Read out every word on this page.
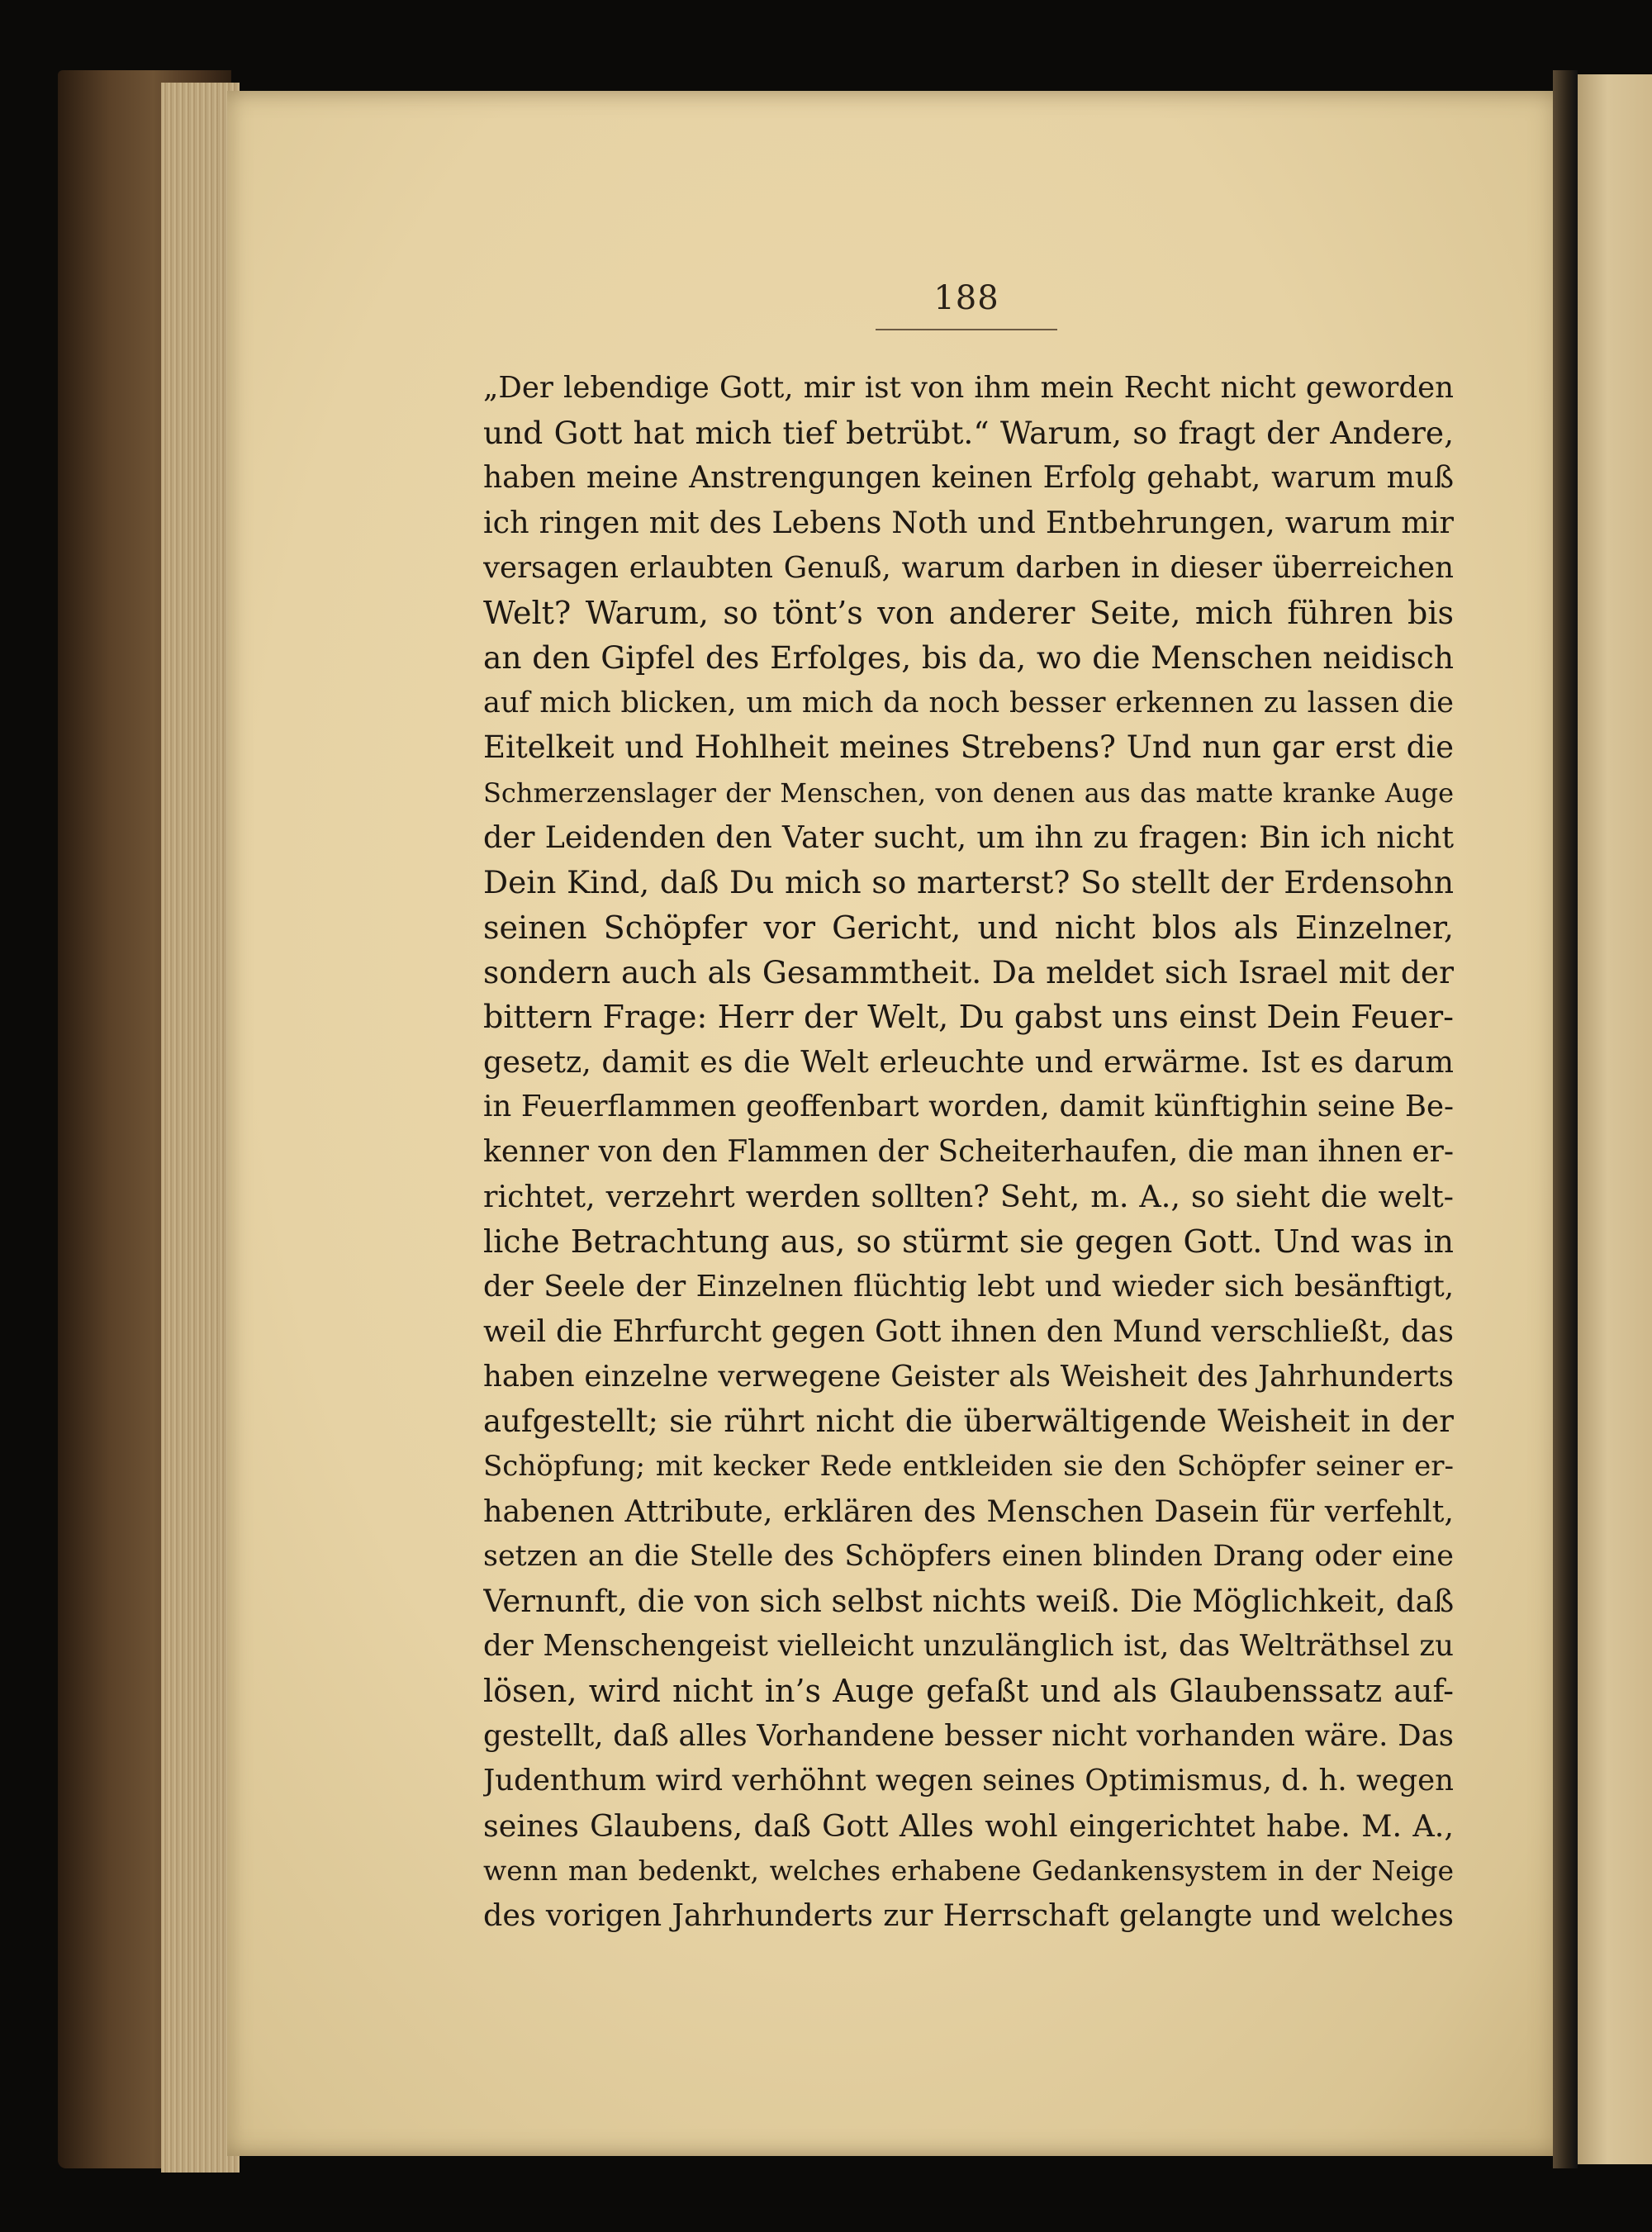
188
„Der lebendige Gott, mir ist von ihm mein Recht nicht geworden
und Gott hat mich tief betrübt.“ Warum, so fragt der Andere,
haben meine Anstrengungen keinen Erfolg gehabt, warum muß
ich ringen mit des Lebens Noth und Entbehrungen, warum mir
versagen erlaubten Genuß, warum darben in dieser überreichen
Welt? Warum, so tönt’s von anderer Seite, mich führen bis
an den Gipfel des Erfolges, bis da, wo die Menschen neidisch
auf mich blicken, um mich da noch besser erkennen zu lassen die
Eitelkeit und Hohlheit meines Strebens? Und nun gar erst die
Schmerzenslager der Menschen, von denen aus das matte kranke Auge
der Leidenden den Vater sucht, um ihn zu fragen: Bin ich nicht
Dein Kind, daß Du mich so marterst? So stellt der Erdensohn
seinen Schöpfer vor Gericht, und nicht blos als Einzelner,
sondern auch als Gesammtheit. Da meldet sich Israel mit der
bittern Frage: Herr der Welt, Du gabst uns einst Dein Feuer-
gesetz, damit es die Welt erleuchte und erwärme. Ist es darum
in Feuerflammen geoffenbart worden, damit künftighin seine Be-
kenner von den Flammen der Scheiterhaufen, die man ihnen er-
richtet, verzehrt werden sollten? Seht, m. A., so sieht die welt-
liche Betrachtung aus, so stürmt sie gegen Gott. Und was in
der Seele der Einzelnen flüchtig lebt und wieder sich besänftigt,
weil die Ehrfurcht gegen Gott ihnen den Mund verschließt, das
haben einzelne verwegene Geister als Weisheit des Jahrhunderts
aufgestellt; sie rührt nicht die überwältigende Weisheit in der
Schöpfung; mit kecker Rede entkleiden sie den Schöpfer seiner er-
habenen Attribute, erklären des Menschen Dasein für verfehlt,
setzen an die Stelle des Schöpfers einen blinden Drang oder eine
Vernunft, die von sich selbst nichts weiß. Die Möglichkeit, daß
der Menschengeist vielleicht unzulänglich ist, das Welträthsel zu
lösen, wird nicht in’s Auge gefaßt und als Glaubenssatz auf-
gestellt, daß alles Vorhandene besser nicht vorhanden wäre. Das
Judenthum wird verhöhnt wegen seines Optimismus, d. h. wegen
seines Glaubens, daß Gott Alles wohl eingerichtet habe. M. A.,
wenn man bedenkt, welches erhabene Gedankensystem in der Neige
des vorigen Jahrhunderts zur Herrschaft gelangte und welches
